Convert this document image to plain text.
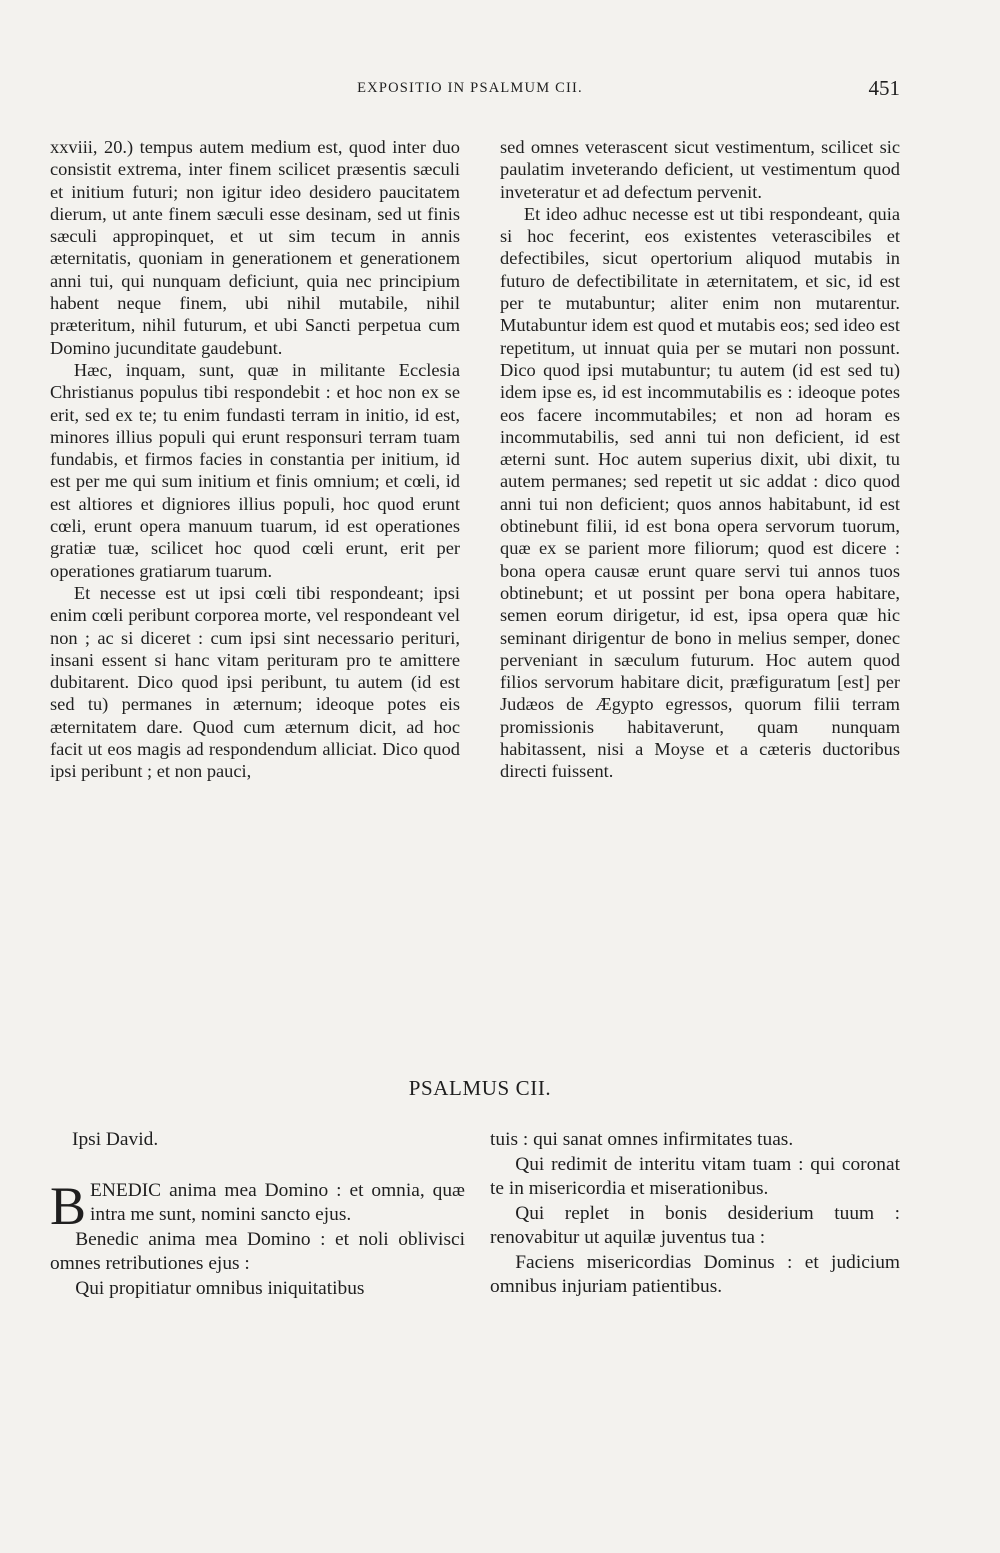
EXPOSITIO IN PSALMUM CII.	451

xxviii, 20.) tempus autem medium est, quod inter duo consistit extrema, inter finem scilicet præsentis sæculi et initium futuri; non igitur ideo desidero paucitatem dierum, ut ante finem sæculi esse desinam, sed ut finis sæculi appropinquet, et ut sim tecum in annis æternitatis, quoniam in generationem et generationem anni tui, qui nunquam deficiunt, quia nec principium habent neque finem, ubi nihil mutabile, nihil præteritum, nihil futurum, et ubi Sancti perpetua cum Domino jucunditate gaudebunt.

Hæc, inquam, sunt, quæ in militante Ecclesia Christianus populus tibi respondebit : et hoc non ex se erit, sed ex te; tu enim fundasti terram in initio, id est, minores illius populi qui erunt responsuri terram tuam fundabis, et firmos facies in constantia per initium, id est per me qui sum initium et finis omnium; et cœli, id est altiores et digniores illius populi, hoc quod erunt cœli, erunt opera manuum tuarum, id est operationes gratiæ tuæ, scilicet hoc quod cœli erunt, erit per operationes gratiarum tuarum.

Et necesse est ut ipsi cœli tibi respondeant; ipsi enim cœli peribunt corporea morte, vel respondeant vel non ; ac si diceret : cum ipsi sint necessario perituri, insani essent si hanc vitam perituram pro te amittere dubitarent. Dico quod ipsi peribunt, tu autem (id est sed tu) permanes in æternum; ideoque potes eis æternitatem dare. Quod cum æternum dicit, ad hoc facit ut eos magis ad respondendum alliciat. Dico quod ipsi peribunt ; et non pauci,

sed omnes veterascent sicut vestimentum, scilicet sic paulatim inveterando deficient, ut vestimentum quod inveteratur et ad defectum pervenit.

Et ideo adhuc necesse est ut tibi respondeant, quia si hoc fecerint, eos existentes veterascibiles et defectibiles, sicut opertorium aliquod mutabis in futuro de defectibilitate in æternitatem, et sic, id est per te mutabuntur; aliter enim non mutarentur. Mutabuntur idem est quod et mutabis eos; sed ideo est repetitum, ut innuat quia per se mutari non possunt. Dico quod ipsi mutabuntur; tu autem (id est sed tu) idem ipse es, id est incommutabilis es : ideoque potes eos facere incommutabiles; et non ad horam es incommutabilis, sed anni tui non deficient, id est æterni sunt. Hoc autem superius dixit, ubi dixit, tu autem permanes; sed repetit ut sic addat : dico quod anni tui non deficient; quos annos habitabunt, id est obtinebunt filii, id est bona opera servorum tuorum, quæ ex se parient more filiorum; quod est dicere : bona opera causæ erunt quare servi tui annos tuos obtinebunt; et ut possint per bona opera habitare, semen eorum dirigetur, id est, ipsa opera quæ hic seminant dirigentur de bono in melius semper, donec perveniant in sæculum futurum. Hoc autem quod filios servorum habitare dicit, præfiguratum [est] per Judæos de Ægypto egressos, quorum filii terram promissionis habitaverunt, quam nunquam habitassent, nisi a Moyse et a cæteris ductoribus directi fuissent.

PSALMUS CII.

Ipsi David.

BENEDIC anima mea Domino : et omnia, quæ intra me sunt, nomini sancto ejus.

Benedic anima mea Domino : et noli oblivisci omnes retributiones ejus :

Qui propitiatur omnibus iniquitatibus

tuis : qui sanat omnes infirmitates tuas.

Qui redimit de interitu vitam tuam : qui coronat te in misericordia et miserationibus.

Qui replet in bonis desiderium tuum : renovabitur ut aquilæ juventus tua :

Faciens misericordias Dominus : et judicium omnibus injuriam patientibus.
